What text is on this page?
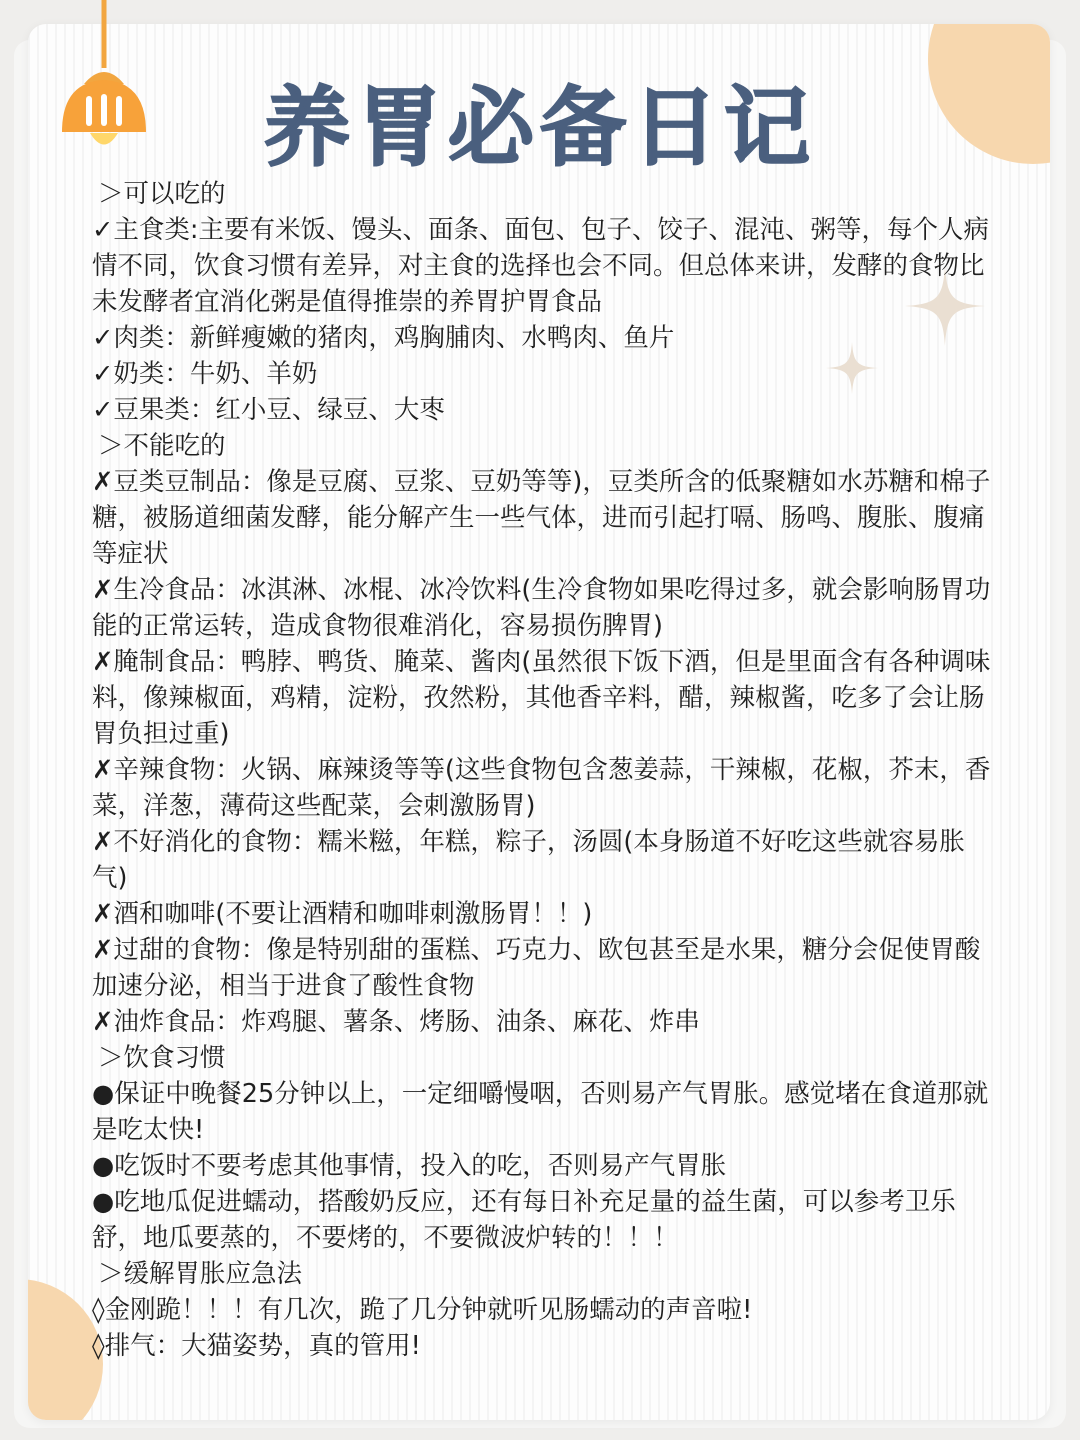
养胃必备日记

＞可以吃的

✓主食类:主要有米饭、馒头、面条、面包、包子、饺子、混沌、粥等，每个人病情不同，饮食习惯有差异，对主食的选择也会不同。但总体来讲，发酵的食物比未发酵者宜消化粥是值得推崇的养胃护胃食品

✓肉类：新鲜瘦嫩的猪肉，鸡胸脯肉、水鸭肉、鱼片

✓奶类：牛奶、羊奶

✓豆果类：红小豆、绿豆、大枣

＞不能吃的

✗豆类豆制品：像是豆腐、豆浆、豆奶等等)，豆类所含的低聚糖如水苏糖和棉子糖，被肠道细菌发酵，能分解产生一些气体，进而引起打嗝、肠鸣、腹胀、腹痛等症状

✗生冷食品：冰淇淋、冰棍、冰冷饮料(生冷食物如果吃得过多，就会影响肠胃功能的正常运转，造成食物很难消化，容易损伤脾胃)

✗腌制食品：鸭脖、鸭货、腌菜、酱肉(虽然很下饭下酒，但是里面含有各种调味料，像辣椒面，鸡精，淀粉，孜然粉，其他香辛料，醋，辣椒酱，吃多了会让肠胃负担过重)

✗辛辣食物：火锅、麻辣烫等等(这些食物包含葱姜蒜，干辣椒，花椒，芥末，香菜，洋葱，薄荷这些配菜，会刺激肠胃)

✗不好消化的食物：糯米糍，年糕，粽子，汤圆(本身肠道不好吃这些就容易胀气)

✗酒和咖啡(不要让酒精和咖啡刺激肠胃！！)

✗过甜的食物：像是特别甜的蛋糕、巧克力、欧包甚至是水果，糖分会促使胃酸加速分泌，相当于进食了酸性食物

✗油炸食品：炸鸡腿、薯条、烤肠、油条、麻花、炸串

＞饮食习惯

●保证中晚餐25分钟以上，一定细嚼慢咽，否则易产气胃胀。感觉堵在食道那就是吃太快!

●吃饭时不要考虑其他事情，投入的吃，否则易产气胃胀

●吃地瓜促进蠕动，搭酸奶反应，还有每日补充足量的益生菌，可以参考卫乐舒，地瓜要蒸的，不要烤的，不要微波炉转的！！！

＞缓解胃胀应急法

◊金刚跪！！！有几次，跪了几分钟就听见肠蠕动的声音啦!

◊排气：大猫姿势，真的管用!
